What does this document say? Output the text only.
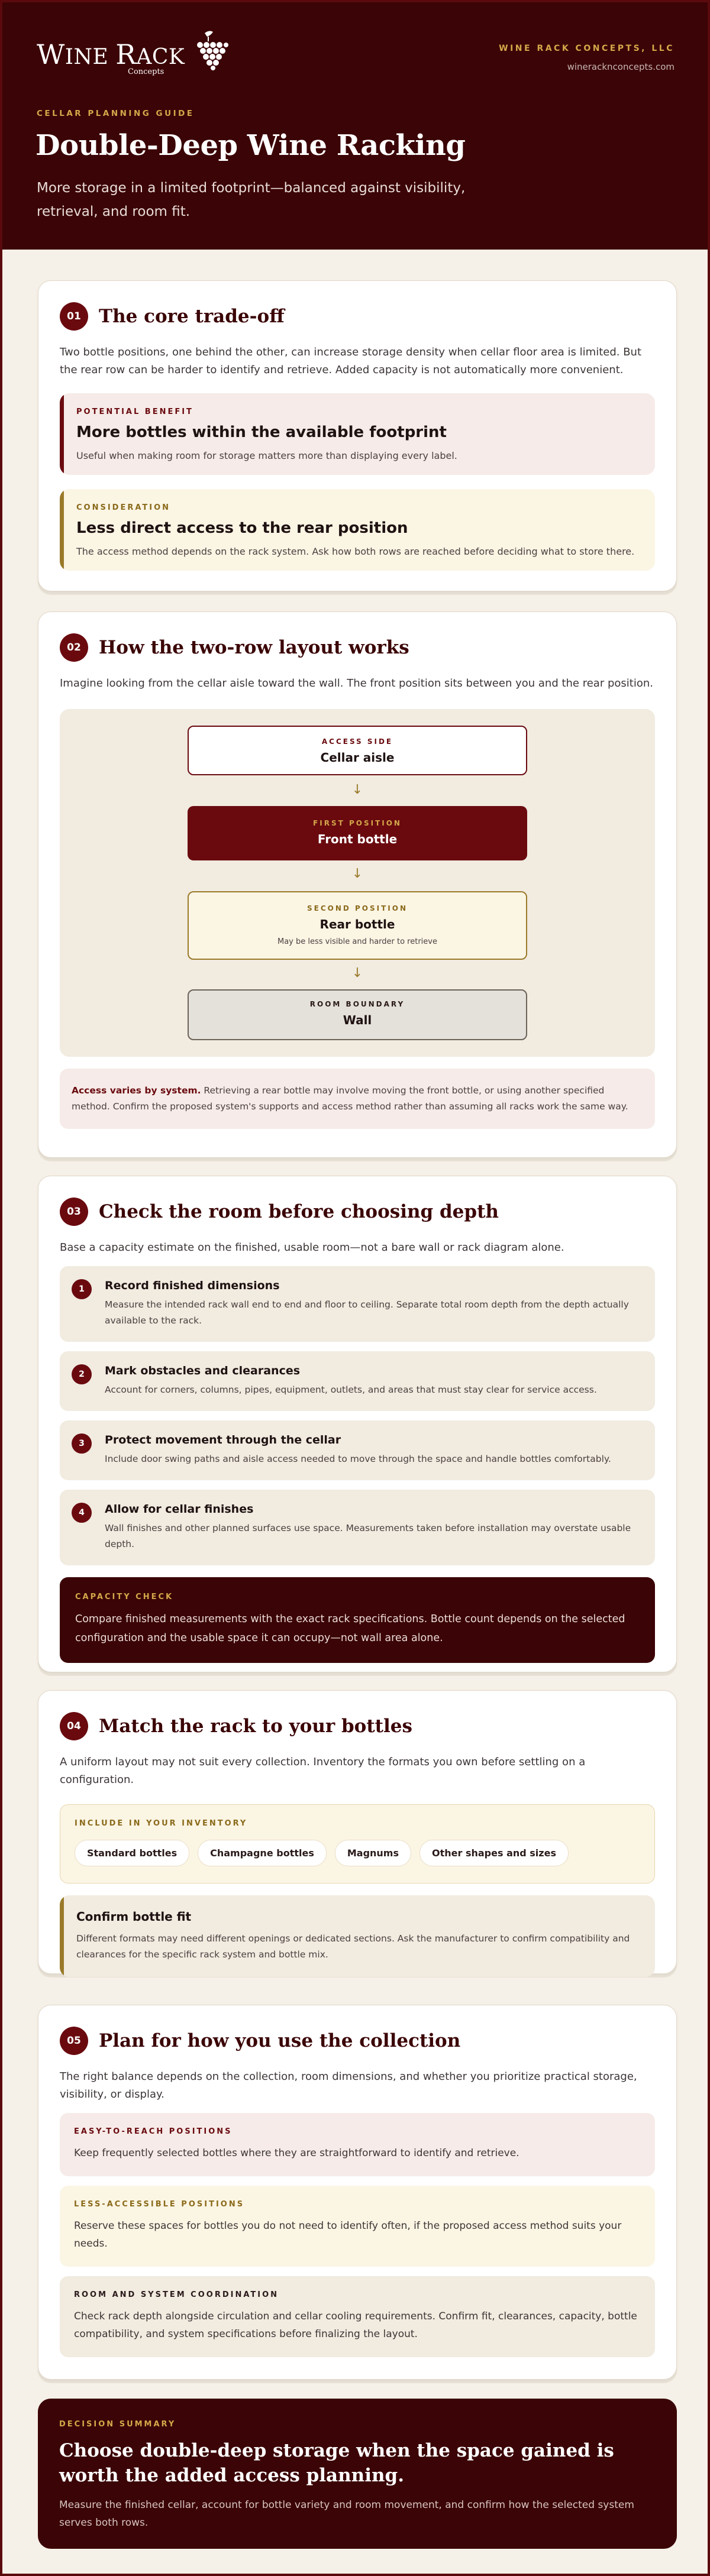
WINE RACK
Concepts
WINE RACK CONCEPTS, LLC
wineracknconcepts.com
CELLAR PLANNING GUIDE
Double-Deep Wine Racking
More storage in a limited footprint—balanced against visibility, retrieval, and room fit.
01 The core trade-off
Two bottle positions, one behind the other, can increase storage density when cellar floor area is limited. But the rear row can be harder to identify and retrieve. Added capacity is not automatically more convenient.
POTENTIAL BENEFIT
More bottles within the available footprint
Useful when making room for storage matters more than displaying every label.
CONSIDERATION
Less direct access to the rear position
The access method depends on the rack system. Ask how both rows are reached before deciding what to store there.
02 How the two-row layout works
Imagine looking from the cellar aisle toward the wall. The front position sits between you and the rear position.
ACCESS SIDE
Cellar aisle
↓
FIRST POSITION
Front bottle
↓
SECOND POSITION
Rear bottle
May be less visible and harder to retrieve
↓
ROOM BOUNDARY
Wall
Access varies by system. Retrieving a rear bottle may involve moving the front bottle, or using another specified method. Confirm the proposed system's supports and access method rather than assuming all racks work the same way.
03 Check the room before choosing depth
Base a capacity estimate on the finished, usable room—not a bare wall or rack diagram alone.
1	Record finished dimensions
Measure the intended rack wall end to end and floor to ceiling. Separate total room depth from the depth actually available to the rack.
2	Mark obstacles and clearances
Account for corners, columns, pipes, equipment, outlets, and areas that must stay clear for service access.
3	Protect movement through the cellar
Include door swing paths and aisle access needed to move through the space and handle bottles comfortably.
4	Allow for cellar finishes
Wall finishes and other planned surfaces use space. Measurements taken before installation may overstate usable depth.
CAPACITY CHECK
Compare finished measurements with the exact rack specifications. Bottle count depends on the selected configuration and the usable space it can occupy—not wall area alone.
04 Match the rack to your bottles
A uniform layout may not suit every collection. Inventory the formats you own before settling on a configuration.
INCLUDE IN YOUR INVENTORY
Standard bottles	Champagne bottles	Magnums	Other shapes and sizes
Confirm bottle fit
Different formats may need different openings or dedicated sections. Ask the manufacturer to confirm compatibility and clearances for the specific rack system and bottle mix.
05 Plan for how you use the collection
The right balance depends on the collection, room dimensions, and whether you prioritize practical storage, visibility, or display.
EASY-TO-REACH POSITIONS
Keep frequently selected bottles where they are straightforward to identify and retrieve.
LESS-ACCESSIBLE POSITIONS
Reserve these spaces for bottles you do not need to identify often, if the proposed access method suits your needs.
ROOM AND SYSTEM COORDINATION
Check rack depth alongside circulation and cellar cooling requirements. Confirm fit, clearances, capacity, bottle compatibility, and system specifications before finalizing the layout.
DECISION SUMMARY
Choose double-deep storage when the space gained is worth the added access planning.
Measure the finished cellar, account for bottle variety and room movement, and confirm how the selected system serves both rows.
